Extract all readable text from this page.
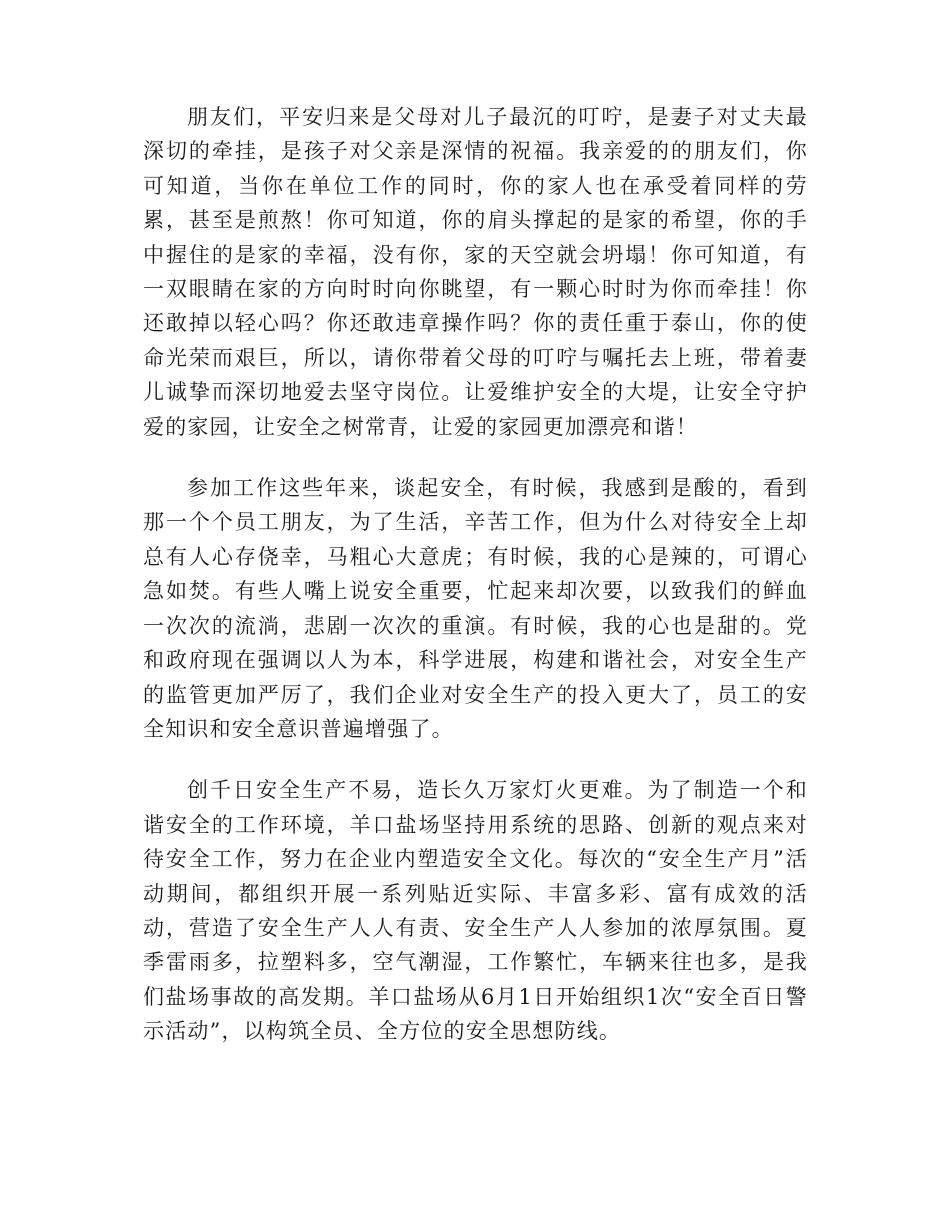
朋友们，平安归来是父母对儿子最沉的叮咛，是妻子对丈夫最深切的牵挂，是孩子对父亲是深情的祝福。我亲爱的的朋友们，你可知道，当你在单位工作的同时，你的家人也在承受着同样的劳累，甚至是煎熬！你可知道，你的肩头撑起的是家的希望，你的手中握住的是家的幸福，没有你，家的天空就会坍塌！你可知道，有一双眼睛在家的方向时时向你眺望，有一颗心时时为你而牵挂！你还敢掉以轻心吗？你还敢违章操作吗？你的责任重于泰山，你的使命光荣而艰巨，所以，请你带着父母的叮咛与嘱托去上班，带着妻儿诚挚而深切地爱去坚守岗位。让爱维护安全的大堤，让安全守护爱的家园，让安全之树常青，让爱的家园更加漂亮和谐！

参加工作这些年来，谈起安全，有时候，我感到是酸的，看到那一个个员工朋友，为了生活，辛苦工作，但为什么对待安全上却总有人心存侥幸，马粗心大意虎；有时候，我的心是辣的，可谓心急如焚。有些人嘴上说安全重要，忙起来却次要，以致我们的鲜血一次次的流淌，悲剧一次次的重演。有时候，我的心也是甜的。党和政府现在强调以人为本，科学进展，构建和谐社会，对安全生产的监管更加严厉了，我们企业对安全生产的投入更大了，员工的安全知识和安全意识普遍增强了。

创千日安全生产不易，造长久万家灯火更难。为了制造一个和谐安全的工作环境，羊口盐场坚持用系统的思路、创新的观点来对待安全工作，努力在企业内塑造安全文化。每次的“安全生产月”活动期间，都组织开展一系列贴近实际、丰富多彩、富有成效的活动，营造了安全生产人人有责、安全生产人人参加的浓厚氛围。夏季雷雨多，拉塑料多，空气潮湿，工作繁忙，车辆来往也多，是我们盐场事故的高发期。羊口盐场从6月1日开始组织1次“安全百日警示活动”，以构筑全员、全方位的安全思想防线。
